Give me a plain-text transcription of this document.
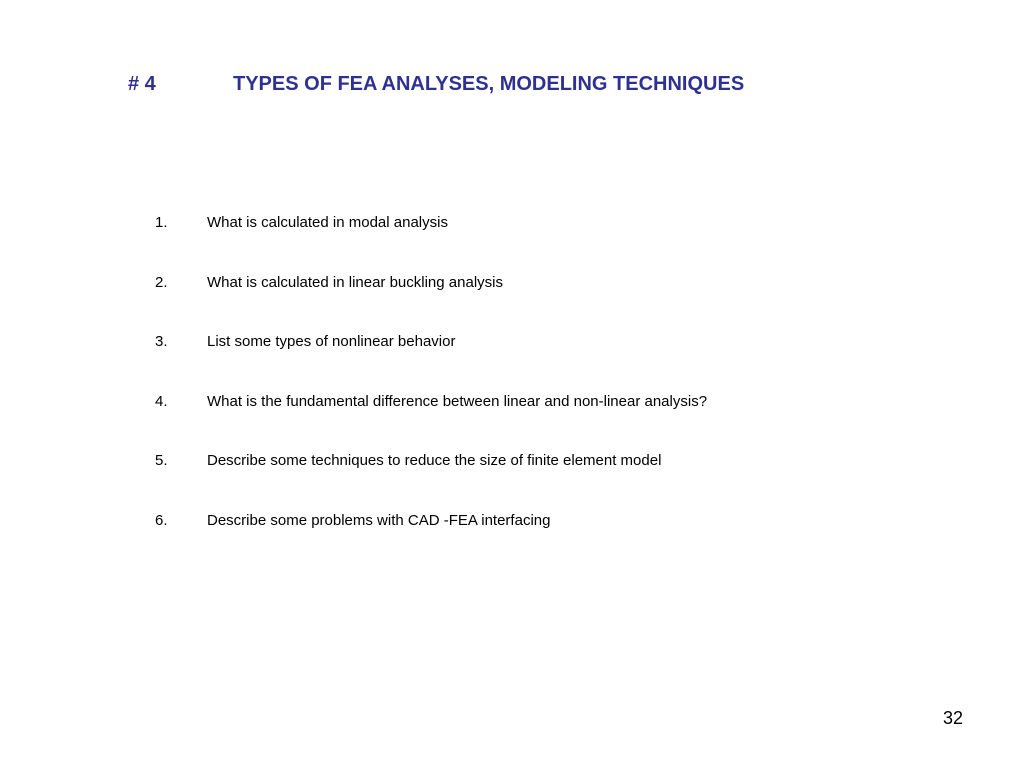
# 4	TYPES OF FEA ANALYSES, MODELING TECHNIQUES
1.	What is calculated in modal analysis
2.	What is calculated in linear buckling analysis
3.	List some types of nonlinear behavior
4.	What is the fundamental difference between linear and non-linear analysis?
5.	Describe some techniques to reduce the size of finite element model
6.	Describe some problems with CAD -FEA interfacing
32
